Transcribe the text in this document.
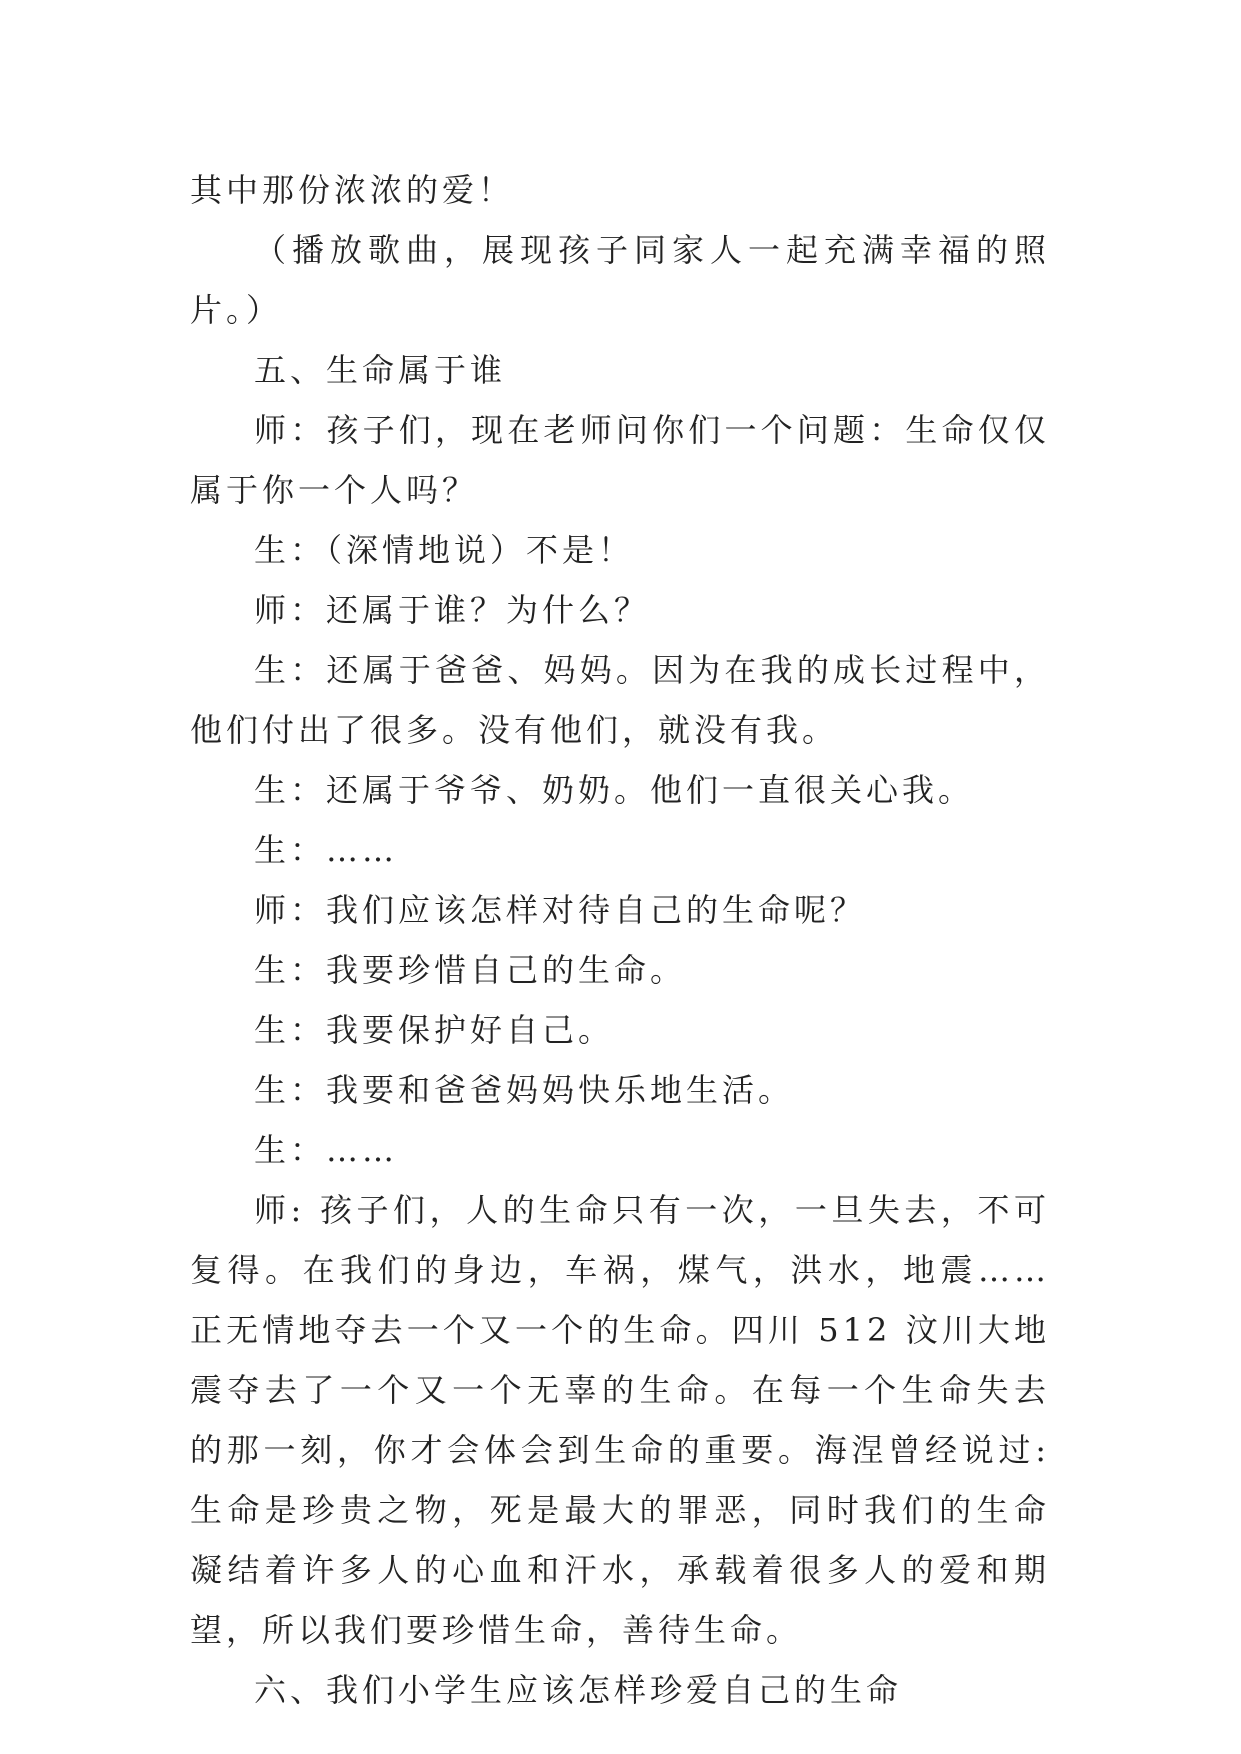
其中那份浓浓的爱！

（播放歌曲，展现孩子同家人一起充满幸福的照片。）

五、生命属于谁

师：孩子们，现在老师问你们一个问题：生命仅仅属于你一个人吗？

生：（深情地说）不是！

师：还属于谁？为什么？

生：还属于爸爸、妈妈。因为在我的成长过程中，他们付出了很多。没有他们，就没有我。

生：还属于爷爷、奶奶。他们一直很关心我。

生：……

师：我们应该怎样对待自己的生命呢？

生：我要珍惜自己的生命。

生：我要保护好自己。

生：我要和爸爸妈妈快乐地生活。

生：……

师: 孩子们，人的生命只有一次，一旦失去，不可复得。在我们的身边，车祸，煤气，洪水，地震……正无情地夺去一个又一个的生命。四川 512 汶川大地震夺去了一个又一个无辜的生命。在每一个生命失去的那一刻，你才会体会到生命的重要。海涅曾经说过:生命是珍贵之物，死是最大的罪恶，同时我们的生命凝结着许多人的心血和汗水，承载着很多人的爱和期望，所以我们要珍惜生命，善待生命。

六、我们小学生应该怎样珍爱自己的生命
